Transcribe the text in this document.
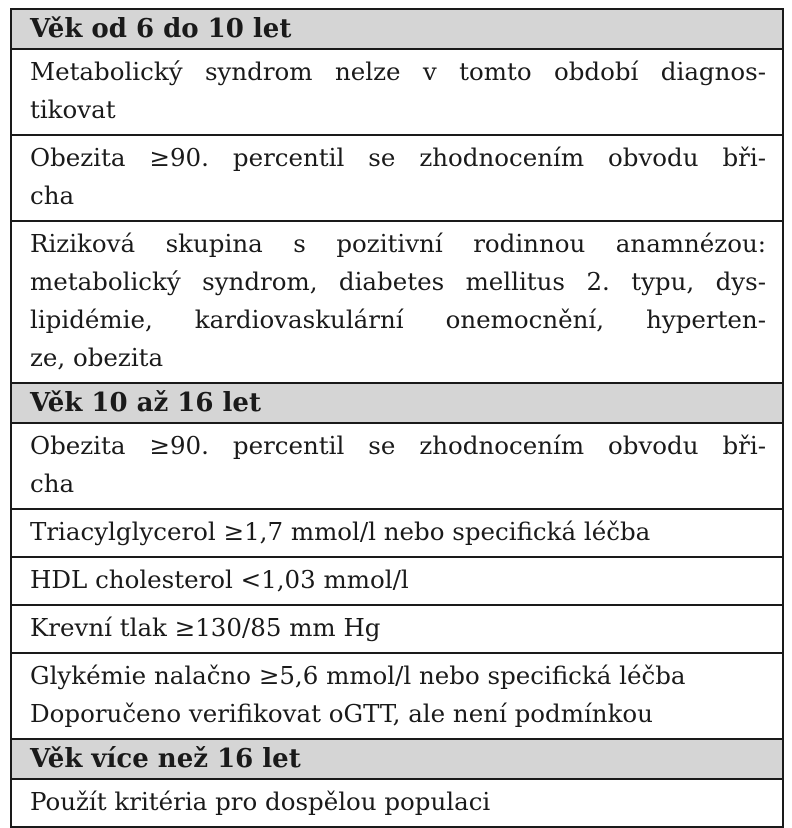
Věk od 6 do 10 let

Metabolický syndrom nelze v tomto období diagnos-
tikovat

Obezita ≥90. percentil se zhodnocením obvodu bři-
cha

Riziková skupina s pozitivní rodinnou anamnézou:
metabolický syndrom, diabetes mellitus 2. typu, dys-
lipidémie, kardiovaskulární onemocnění, hyperten-
ze, obezita

Věk 10 až 16 let

Obezita ≥90. percentil se zhodnocením obvodu bři-
cha

Triacylglycerol ≥1,7 mmol/l nebo specifická léčba

HDL cholesterol <1,03 mmol/l

Krevní tlak ≥130/85 mm Hg

Glykémie nalačno ≥5,6 mmol/l nebo specifická léčba
Doporučeno verifikovat oGTT, ale není podmínkou

Věk více než 16 let

Použít kritéria pro dospělou populaci
